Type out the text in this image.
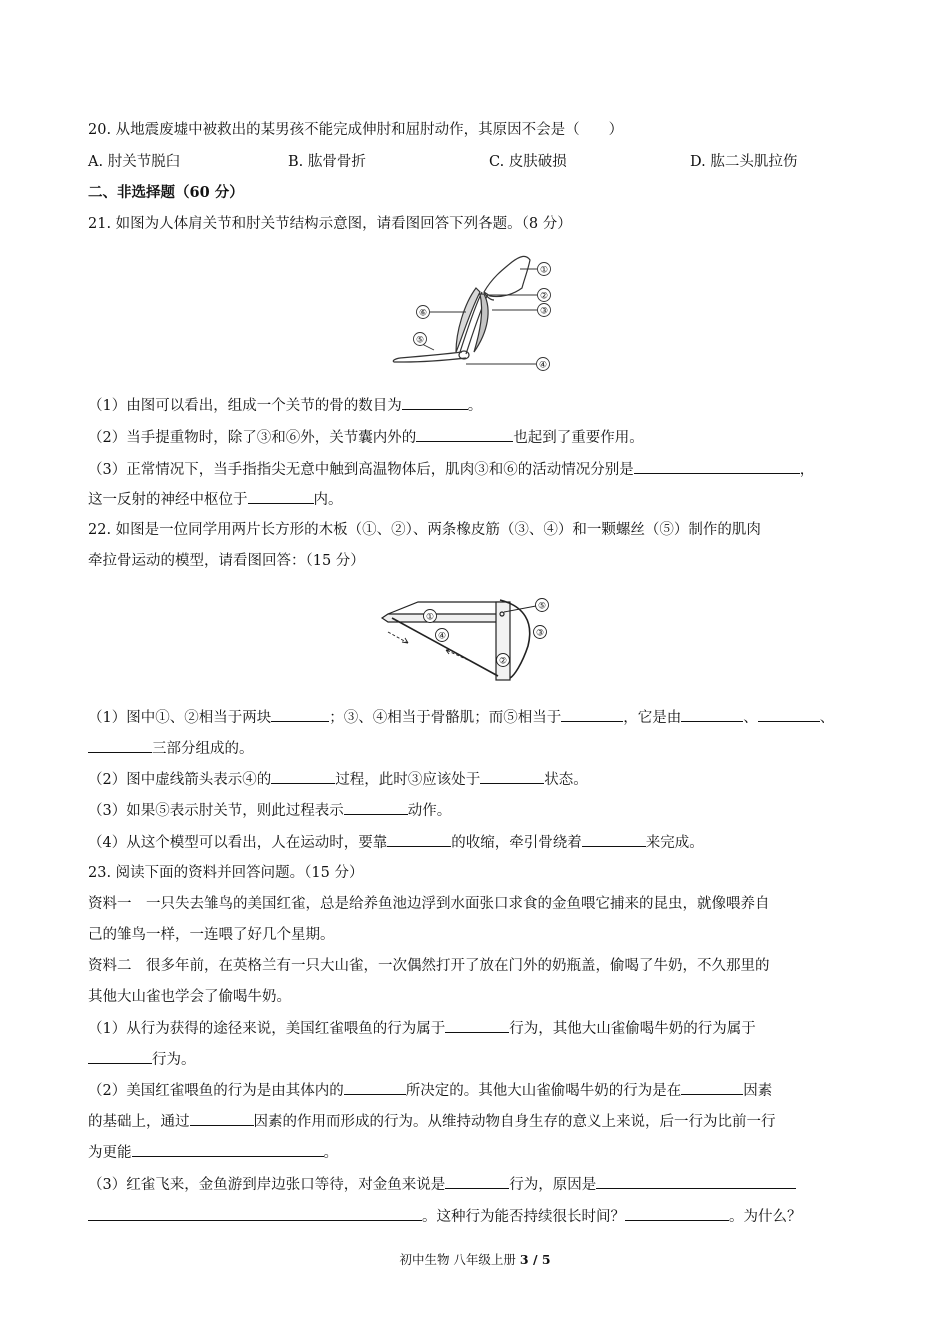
20. 从地震废墟中被救出的某男孩不能完成伸肘和屈肘动作，其原因不会是（　　）
A. 肘关节脱臼	B. 肱骨骨折	C. 皮肤破损	D. 肱二头肌拉伤
二、非选择题（60 分）
21. 如图为人体肩关节和肘关节结构示意图，请看图回答下列各题。（8 分）
①
②
③
⑥
⑤
④
（1）由图可以看出，组成一个关节的骨的数目为	。
（2）当手提重物时，除了③和⑥外，关节囊内外的	也起到了重要作用。
（3）正常情况下，当手指指尖无意中触到高温物体后，肌肉③和⑥的活动情况分别是	，
这一反射的神经中枢位于	内。
22. 如图是一位同学用两片长方形的木板（①、②）、两条橡皮筋（③、④）和一颗螺丝（⑤）制作的肌肉
牵拉骨运动的模型，请看图回答：（15 分）
⑤
①
④	③
②
（1）图中①、②相当于两块	；③、④相当于骨骼肌；而⑤相当于	，它是由	、	、
三部分组成的。
（2）图中虚线箭头表示④的	过程，此时③应该处于	状态。
（3）如果⑤表示肘关节，则此过程表示	动作。
（4）从这个模型可以看出，人在运动时，要靠	的收缩，牵引骨绕着	来完成。
23. 阅读下面的资料并回答问题。（15 分）
资料一　一只失去雏鸟的美国红雀，总是给养鱼池边浮到水面张口求食的金鱼喂它捕来的昆虫，就像喂养自
己的雏鸟一样，一连喂了好几个星期。
资料二　很多年前，在英格兰有一只大山雀，一次偶然打开了放在门外的奶瓶盖，偷喝了牛奶，不久那里的
其他大山雀也学会了偷喝牛奶。
（1）从行为获得的途径来说，美国红雀喂鱼的行为属于	行为，其他大山雀偷喝牛奶的行为属于
行为。
（2）美国红雀喂鱼的行为是由其体内的	所决定的。其他大山雀偷喝牛奶的行为是在	因素
的基础上，通过	因素的作用而形成的行为。从维持动物自身生存的意义上来说，后一行为比前一行
为更能	。
（3）红雀飞来，金鱼游到岸边张口等待，对金鱼来说是	行为，原因是
。这种行为能否持续很长时间？	。为什么？
初中生物 八年级上册 3 / 5
